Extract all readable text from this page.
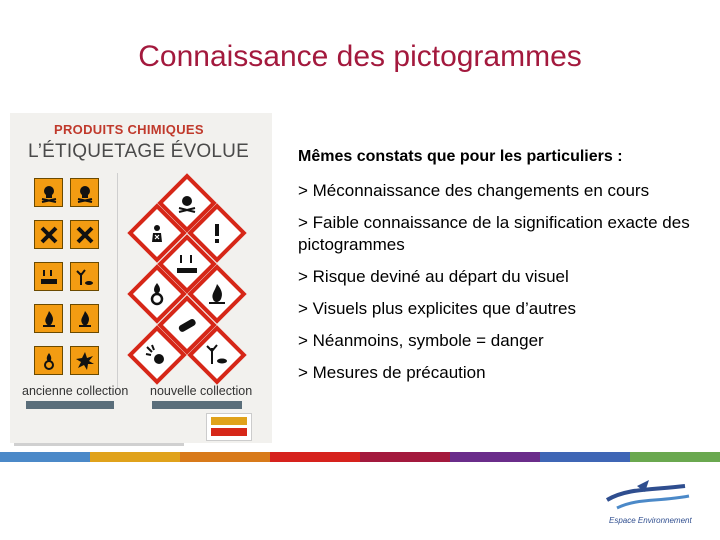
Connaissance des pictogrammes
PRODUITS CHIMIQUES
L’ÉTIQUETAGE ÉVOLUE
ancienne collection nouvelle collection
Mêmes constats que pour les particuliers :
> Méconnaissance des changements en cours
> Faible connaissance de la signification exacte des pictogrammes
> Risque deviné au départ du visuel
> Visuels plus explicites que d’autres
> Néanmoins, symbole = danger
> Mesures de précaution
Espace Environnement
